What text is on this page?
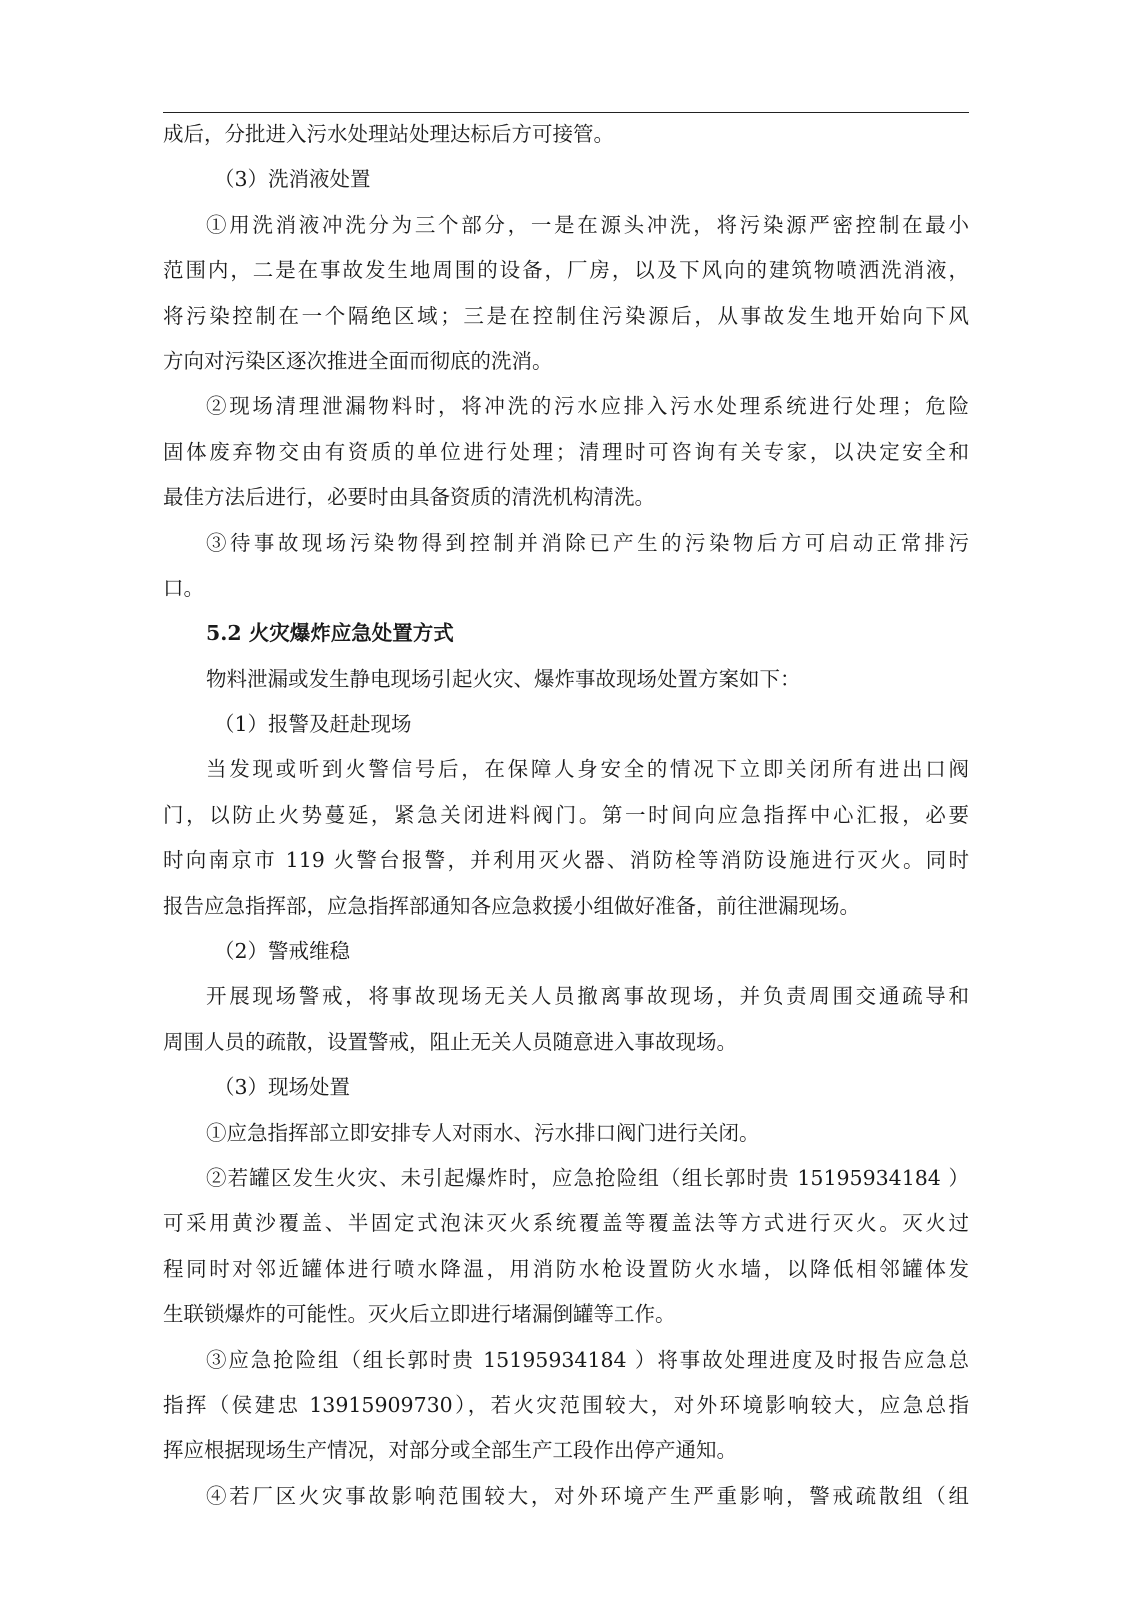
成后，分批进入污水处理站处理达标后方可接管。
（3）洗消液处置
①用洗消液冲洗分为三个部分，一是在源头冲洗，将污染源严密控制在最小
范围内，二是在事故发生地周围的设备，厂房，以及下风向的建筑物喷洒洗消液，
将污染控制在一个隔绝区域；三是在控制住污染源后，从事故发生地开始向下风
方向对污染区逐次推进全面而彻底的洗消。
②现场清理泄漏物料时，将冲洗的污水应排入污水处理系统进行处理；危险
固体废弃物交由有资质的单位进行处理；清理时可咨询有关专家，以决定安全和
最佳方法后进行，必要时由具备资质的清洗机构清洗。
③待事故现场污染物得到控制并消除已产生的污染物后方可启动正常排污
口。
5.2 火灾爆炸应急处置方式
物料泄漏或发生静电现场引起火灾、爆炸事故现场处置方案如下：
（1）报警及赶赴现场
当发现或听到火警信号后，在保障人身安全的情况下立即关闭所有进出口阀
门，以防止火势蔓延，紧急关闭进料阀门。第一时间向应急指挥中心汇报，必要
时向南京市 119 火警台报警，并利用灭火器、消防栓等消防设施进行灭火。同时
报告应急指挥部，应急指挥部通知各应急救援小组做好准备，前往泄漏现场。
（2）警戒维稳
开展现场警戒，将事故现场无关人员撤离事故现场，并负责周围交通疏导和
周围人员的疏散，设置警戒，阻止无关人员随意进入事故现场。
（3）现场处置
①应急指挥部立即安排专人对雨水、污水排口阀门进行关闭。
②若罐区发生火灾、未引起爆炸时，应急抢险组（组长郭时贵 15195934184 ）
可采用黄沙覆盖、半固定式泡沫灭火系统覆盖等覆盖法等方式进行灭火。灭火过
程同时对邻近罐体进行喷水降温，用消防水枪设置防火水墙，以降低相邻罐体发
生联锁爆炸的可能性。灭火后立即进行堵漏倒罐等工作。
③应急抢险组（组长郭时贵 15195934184 ）将事故处理进度及时报告应急总
指挥（侯建忠 13915909730），若火灾范围较大，对外环境影响较大，应急总指
挥应根据现场生产情况，对部分或全部生产工段作出停产通知。
④若厂区火灾事故影响范围较大，对外环境产生严重影响，警戒疏散组（组
